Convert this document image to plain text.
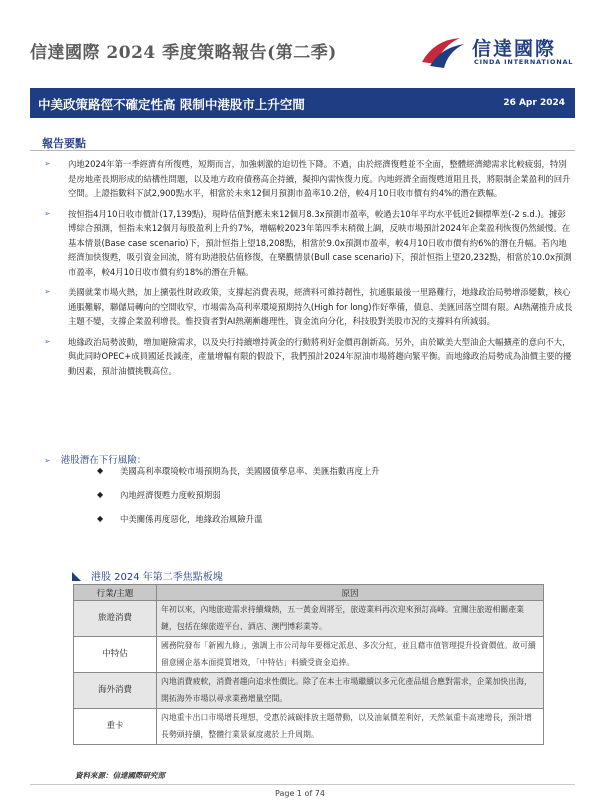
信達國際 2024 季度策略報告(第二季)	信達國際
CINDA INTERNATIONAL
中美政策路徑不確定性高 限制中港股市上升空間	26 Apr 2024
報告要點
➢ 內地2024年第一季經濟有所復甦，短期而言，加強刺激的迫切性下降。不過，由於經濟復甦並不全面，整體經濟總需求比較疲弱，特別是房地產長期形成的結構性問題，以及地方政府債務高企持續，擬抑內需恢復力度。內地經濟全面復甦道阻且長，將限制企業盈利的回升空間。上證指數料下試2,900點水平，相當於未來12個月預測市盈率10.2倍，較4月10日收市價有約4%的潛在跌幅。
➢ 按恒指4月10日收市價計(17,139點)，現時估值對應未來12個月8.3x預測市盈率，較過去10年平均水平低近2個標準差(-2 s.d.)。據彭博綜合預測，恒指未來12個月每股盈利上升約7%，增幅較2023年第四季末稍微上調，反映市場預計2024年企業盈利恢復仍然緩慢。在基本情景(Base case scenario)下，預計恒指上望18,208點，相當於9.0x預測市盈率，較4月10日收市價有約6%的潛在升幅。若內地經濟加快復甦，吸引資金回流，將有助港股估值修復，在樂觀情景(Bull case scenario)下，預計恒指上望20,232點，相當於10.0x預測市盈率，較4月10日收市價有約18%的潛在升幅。
➢ 美國就業市場火熱，加上擴張性財政政策，支撐起消費表現，經濟料可維持韌性，抗通脹最後一里路難行，地緣政治局勢增添變數，核心通脹難解，聯儲局轉向的空間收窄，市場需為高利率環境預期持久(High for long)作好準備，債息、美匯回落空間有限。AI熱潮推升成長主題不變，支撐企業盈利增長。惟投資者對AI熱潮漸趨理性，資金流向分化，科技股對美股市況的支撐料有所減弱。
➢ 地緣政治局勢波動，增加避險需求，以及央行持續增持黃金的行動將利好金價再創新高。另外，由於歐美大型油企大幅擴產的意向不大，與此同時OPEC+成員國延長減產，產量增幅有限的假設下，我們預計2024年原油市場將趨向緊平衡。而地緣政治局勢成為油價主要的擾動因素，預計油價挑戰高位。
➢ 港股潛在下行風險：
◆ 美國高利率環境較市場預期為長，美國國債孳息率、美匯指數再度上升
◆ 內地經濟復甦力度較預期弱
◆ 中美關係再度惡化，地緣政治風險升溫
港股 2024 年第二季焦點板塊
行業/主題	原因
旅遊消費	年初以來，內地旅遊需求持續熾熱，五一黃金周將至，旅遊業料再次迎來預訂高峰。宜關注旅遊相關產業鏈，包括在線旅遊平台、酒店、澳門博彩業等。
中特估	國務院發布「新國九條」，強調上市公司每年要穩定派息、多次分紅，並且藉市值管理提升投資價值。故可續留意國企基本面提質增效，「中特估」料續受資金追捧。
海外消費	內地消費疲軟，消費者趨向追求性價比。除了在本土市場繼續以多元化產品組合應對需求，企業加快出海，開拓海外市場以尋求業務增量空間。
重卡	內地重卡出口市場增長理想，受惠於減碳排放主題帶動，以及油氣價差利好，天然氣重卡高速增長，預計增長勢頭持續，整體行業景氣度處於上升周期。
資料來源：信達國際研究部
Page 1 of 74
